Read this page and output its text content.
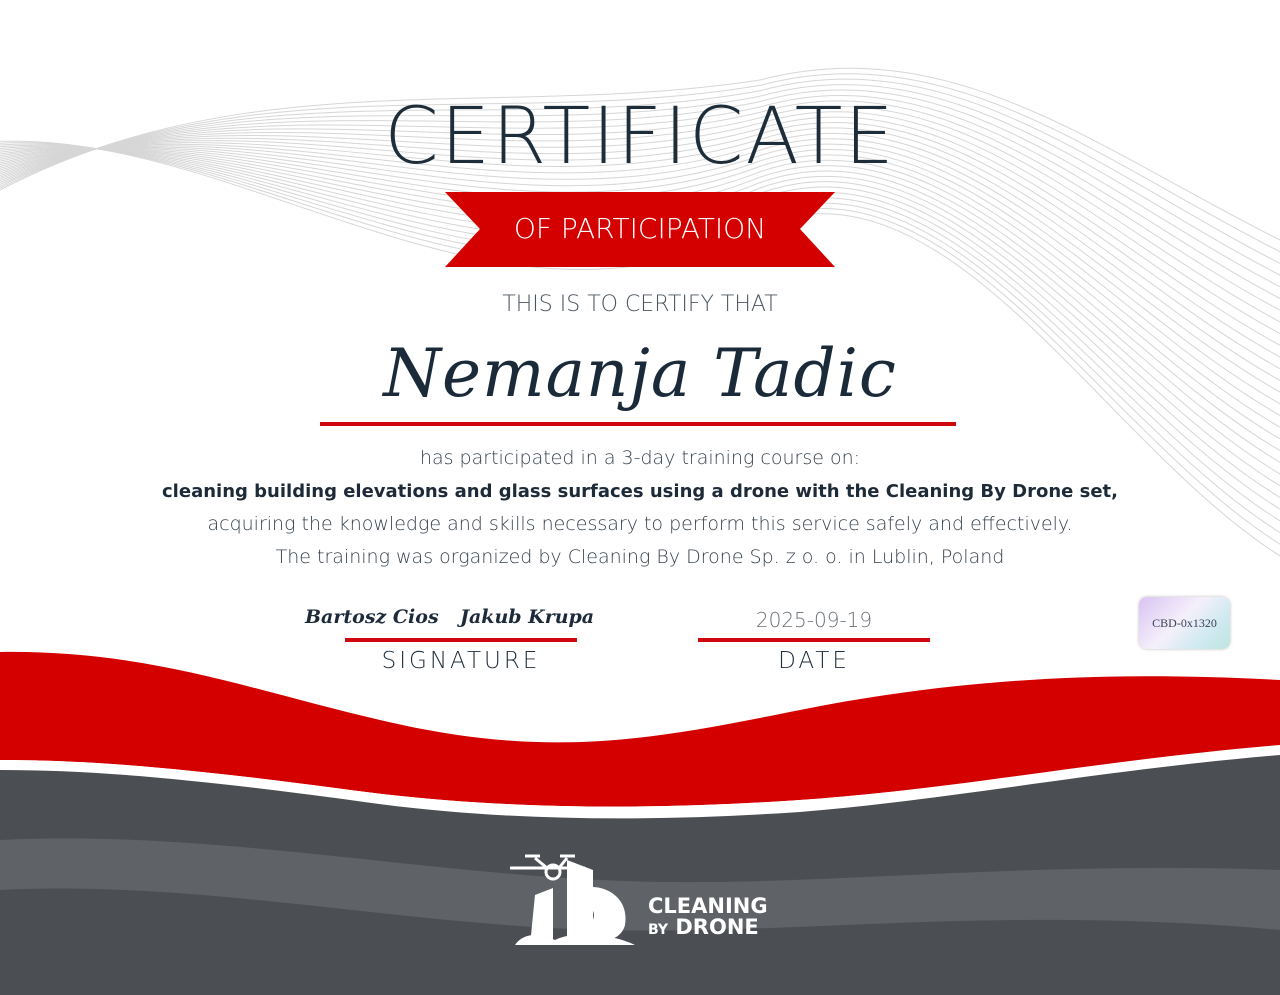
CERTIFICATE
OF PARTICIPATION
THIS IS TO CERTIFY THAT
Nemanja Tadic
has participated in a 3-day training course on:
cleaning building elevations and glass surfaces using a drone with the Cleaning By Drone set,
acquiring the knowledge and skills necessary to perform this service safely and effectively.
The training was organized by Cleaning By Drone Sp. z o. o. in Lublin, Poland
Bartosz Cios Jakub Krupa
SIGNATURE
2025-09-19
DATE
CBD-0x1320
CLEANING
BY DRONE
